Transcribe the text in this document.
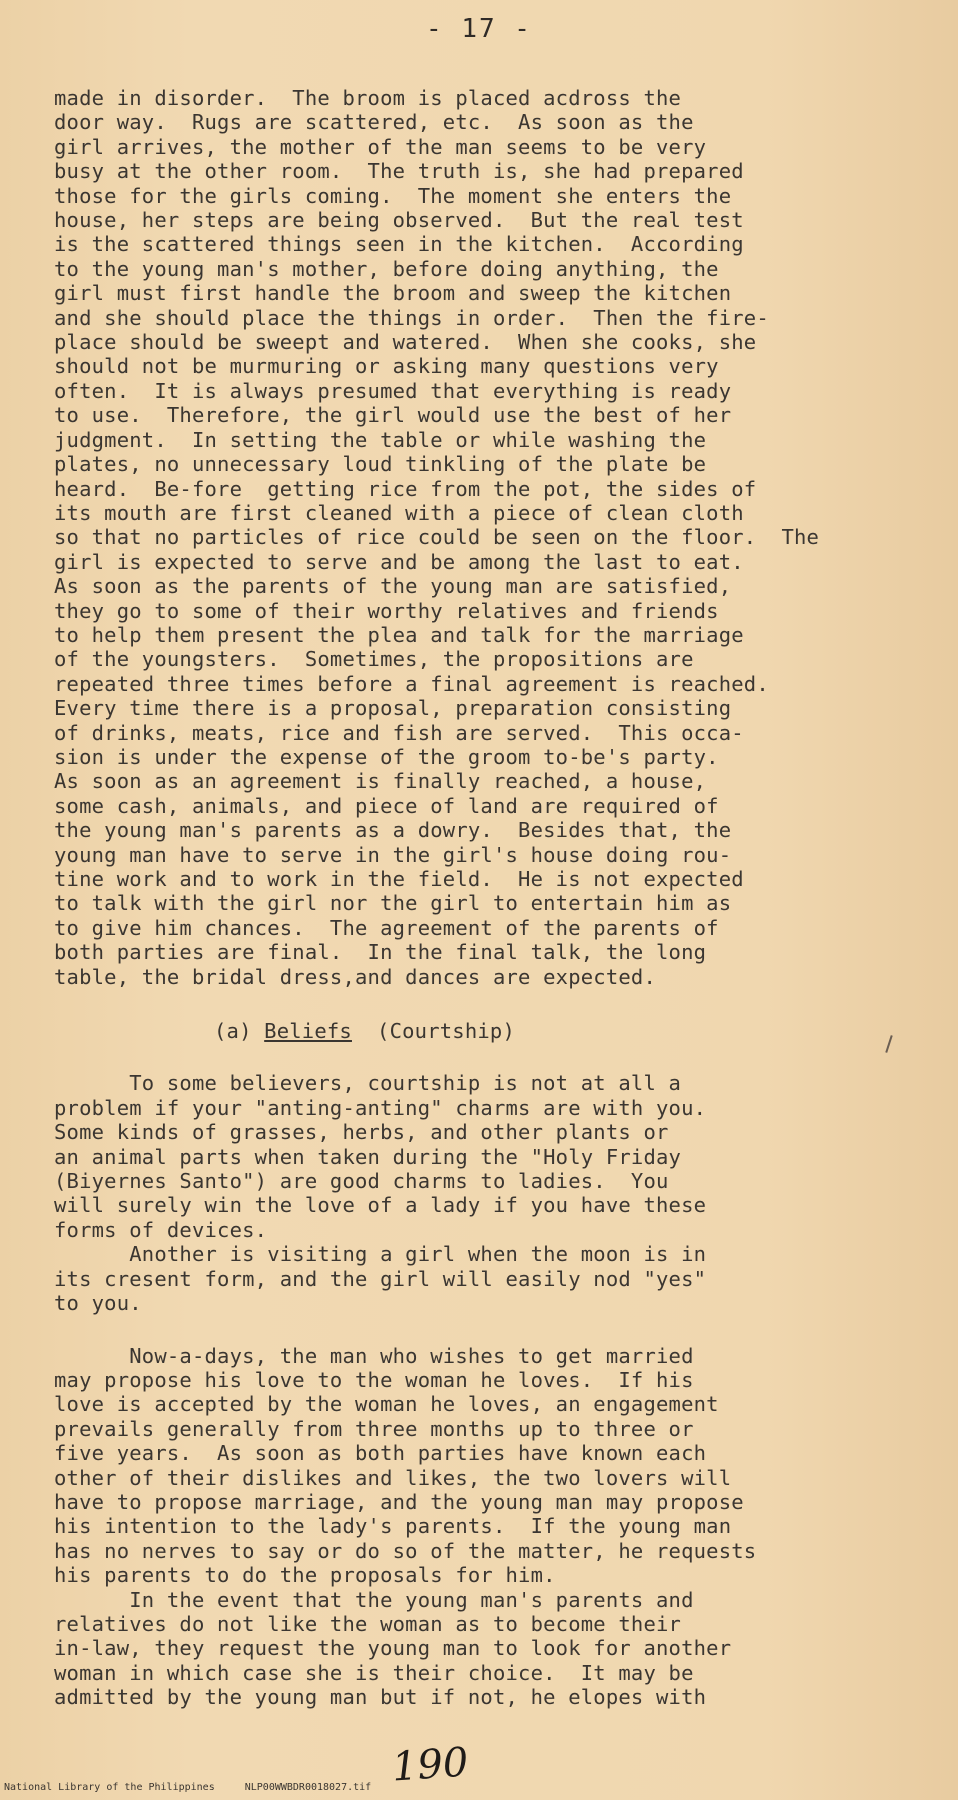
- 17 -
made in disorder.  The broom is placed acdross the
door way.  Rugs are scattered, etc.  As soon as the
girl arrives, the mother of the man seems to be very
busy at the other room.  The truth is, she had prepared
those for the girls coming.  The moment she enters the
house, her steps are being observed.  But the real test
is the scattered things seen in the kitchen.  According
to the young man's mother, before doing anything, the
girl must first handle the broom and sweep the kitchen
and she should place the things in order.  Then the fire-
place should be sweept and watered.  When she cooks, she
should not be murmuring or asking many questions very
often.  It is always presumed that everything is ready
to use.  Therefore, the girl would use the best of her
judgment.  In setting the table or while washing the
plates, no unnecessary loud tinkling of the plate be
heard.  Be-fore  getting rice from the pot, the sides of
its mouth are first cleaned with a piece of clean cloth
so that no particles of rice could be seen on the floor.  The
girl is expected to serve and be among the last to eat.
As soon as the parents of the young man are satisfied,
they go to some of their worthy relatives and friends
to help them present the plea and talk for the marriage
of the youngsters.  Sometimes, the propositions are
repeated three times before a final agreement is reached.
Every time there is a proposal, preparation consisting
of drinks, meats, rice and fish are served.  This occa-
sion is under the expense of the groom to-be's party.
As soon as an agreement is finally reached, a house,
some cash, animals, and piece of land are required of
the young man's parents as a dowry.  Besides that, the
young man have to serve in the girl's house doing rou-
tine work and to work in the field.  He is not expected
to talk with the girl nor the girl to entertain him as
to give him chances.  The agreement of the parents of
both parties are final.  In the final talk, the long
table, the bridal dress,and dances are expected.
(a) Beliefs  (Courtship)
To some believers, courtship is not at all a
problem if your "anting-anting" charms are with you.
Some kinds of grasses, herbs, and other plants or
an animal parts when taken during the "Holy Friday
(Biyernes Santo") are good charms to ladies.  You
will surely win the love of a lady if you have these
forms of devices.
Another is visiting a girl when the moon is in
its cresent form, and the girl will easily nod "yes"
to you.
Now-a-days, the man who wishes to get married
may propose his love to the woman he loves.  If his
love is accepted by the woman he loves, an engagement
prevails generally from three months up to three or
five years.  As soon as both parties have known each
other of their dislikes and likes, the two lovers will
have to propose marriage, and the young man may propose
his intention to the lady's parents.  If the young man
has no nerves to say or do so of the matter, he requests
his parents to do the proposals for him.
In the event that the young man's parents and
relatives do not like the woman as to become their
in-law, they request the young man to look for another
woman in which case she is their choice.  It may be
admitted by the young man but if not, he elopes with
190
National Library of the Philippines	NLP00WWBDR0018027.tif
